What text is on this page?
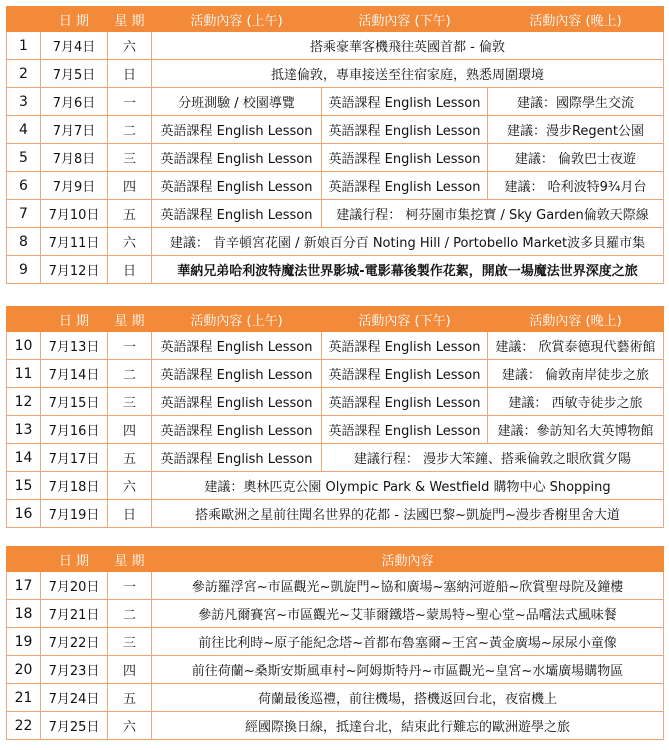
	日 期	星 期	活動內容 (上午)	活動內容 (下午)	活動內容 (晚上)
1	7月4日	六	搭乘豪華客機飛往英國首都 - 倫敦		
2	7月5日	日	抵達倫敦，專車接送至往宿家庭，熟悉周圍環境		
3	7月6日	一	分班測驗 / 校園導覽	英語課程 English Lesson	建議：國際學生交流
4	7月7日	二	英語課程 English Lesson	英語課程 English Lesson	建議：漫步Regent公園
5	7月8日	三	英語課程 English Lesson	英語課程 English Lesson	建議： 倫敦巴士夜遊
6	7月9日	四	英語課程 English Lesson	英語課程 English Lesson	建議： 哈利波特9¾月台
7	7月10日	五	英語課程 English Lesson	建議行程： 柯芬園市集挖寶 / Sky Garden倫敦天際線	
8	7月11日	六	建議： 肯辛頓宮花園 / 新娘百分百 Noting Hill / Portobello Market波多貝羅市集		
9	7月12日	日	華納兄弟哈利波特魔法世界影城-電影幕後製作花絮，開啟一場魔法世界深度之旅		
	日 期	星 期	活動內容 (上午)	活動內容 (下午)	活動內容 (晚上)
10	7月13日	一	英語課程 English Lesson	英語課程 English Lesson	建議： 欣賞泰德現代藝術館
11	7月14日	二	英語課程 English Lesson	英語課程 English Lesson	建議： 倫敦南岸徒步之旅
12	7月15日	三	英語課程 English Lesson	英語課程 English Lesson	建議： 西敏寺徒步之旅
13	7月16日	四	英語課程 English Lesson	英語課程 English Lesson	建議：參訪知名大英博物館
14	7月17日	五	英語課程 English Lesson	建議行程： 漫步大笨鐘、搭乘倫敦之眼欣賞夕陽	
15	7月18日	六	建議：奧林匹克公園 Olympic Park & Westfield 購物中心 Shopping		
16	7月19日	日	搭乘歐洲之星前往聞名世界的花都 - 法國巴黎~凱旋門~漫步香榭里舍大道		
	日 期	星 期	活動內容
17	7月20日	一	參訪羅浮宮~市區觀光~凱旋門~協和廣場~塞納河遊船~欣賞聖母院及鐘樓
18	7月21日	二	參訪凡爾賽宮~市區觀光~艾菲爾鐵塔~蒙馬特~聖心堂~品嚐法式風味餐
19	7月22日	三	前往比利時~原子能紀念塔~首都布魯塞爾~王宮~黃金廣場~尿尿小童像
20	7月23日	四	前往荷蘭~桑斯安斯風車村~阿姆斯特丹~市區觀光~皇宮~水壩廣場購物區
21	7月24日	五	荷蘭最後巡禮，前往機場，搭機返回台北，夜宿機上
22	7月25日	六	經國際換日線，抵達台北，結束此行難忘的歐洲遊學之旅
